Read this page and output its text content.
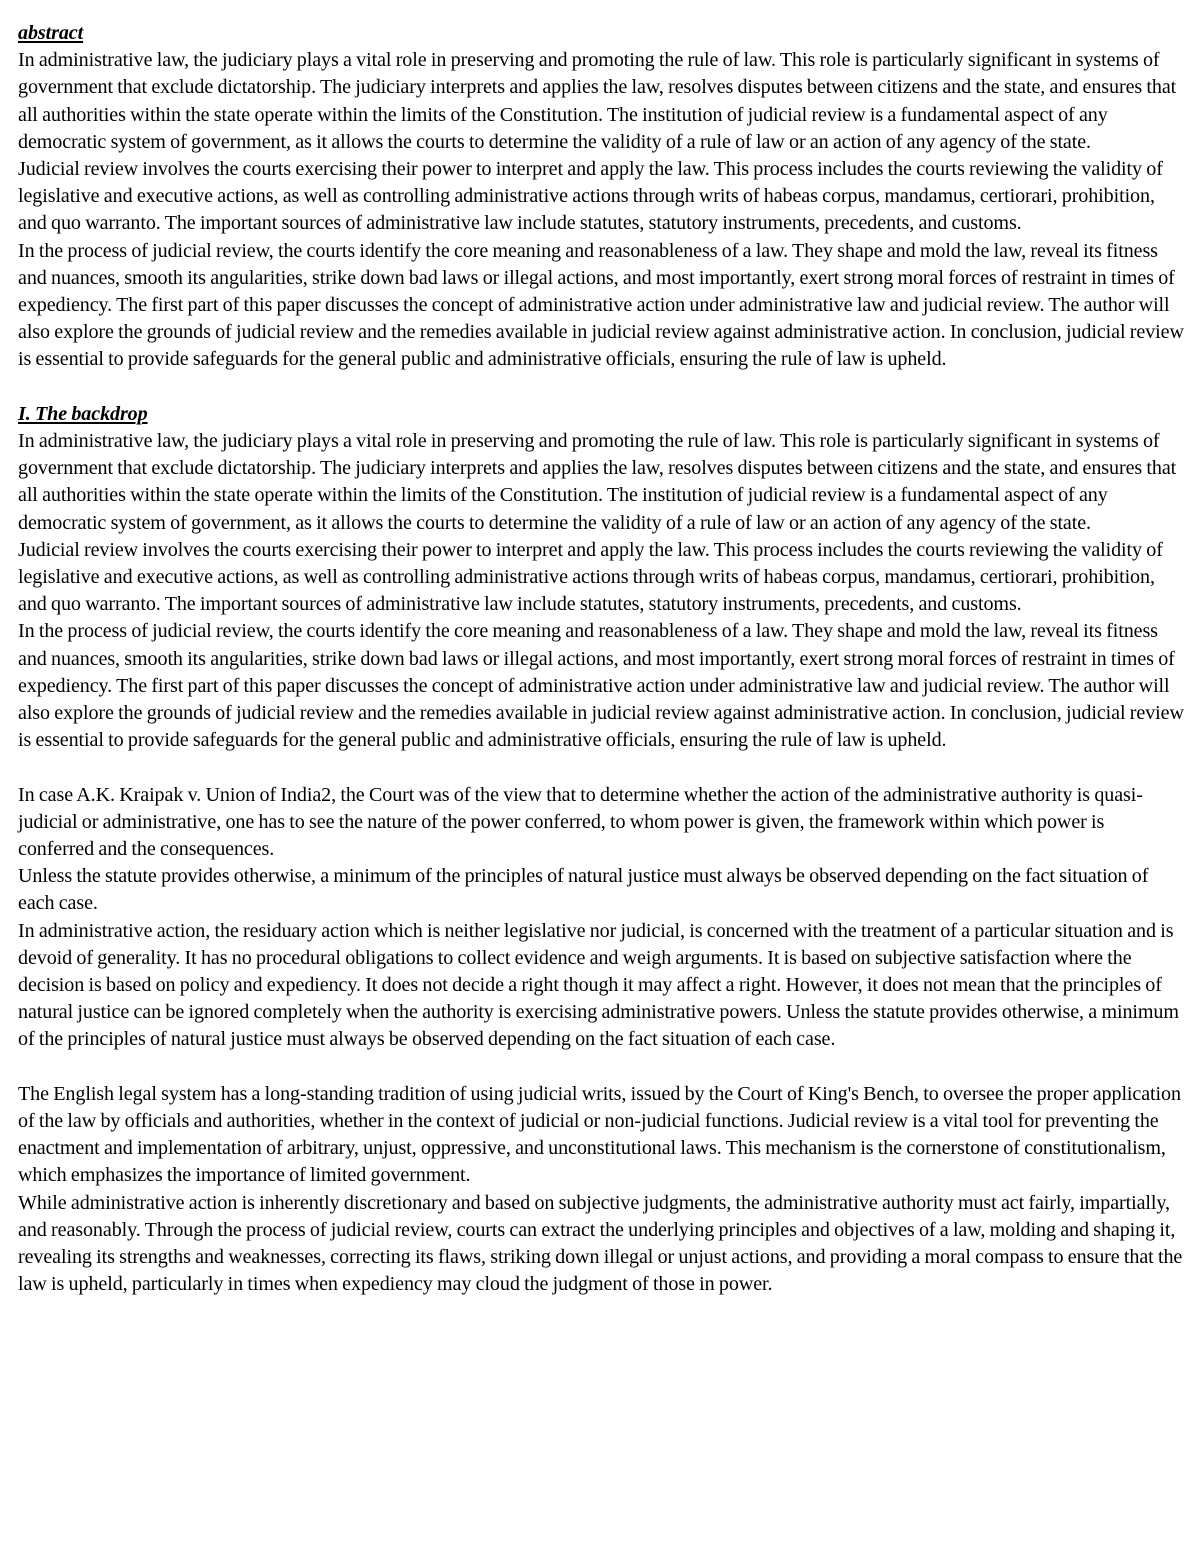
abstract

In administrative law, the judiciary plays a vital role in preserving and promoting the rule of law. This role is particularly significant in systems of government that exclude dictatorship. The judiciary interprets and applies the law, resolves disputes between citizens and the state, and ensures that all authorities within the state operate within the limits of the Constitution. The institution of judicial review is a fundamental aspect of any democratic system of government, as it allows the courts to determine the validity of a rule of law or an action of any agency of the state.

Judicial review involves the courts exercising their power to interpret and apply the law. This process includes the courts reviewing the validity of legislative and executive actions, as well as controlling administrative actions through writs of habeas corpus, mandamus, certiorari, prohibition, and quo warranto. The important sources of administrative law include statutes, statutory instruments, precedents, and customs.

In the process of judicial review, the courts identify the core meaning and reasonableness of a law. They shape and mold the law, reveal its fitness and nuances, smooth its angularities, strike down bad laws or illegal actions, and most importantly, exert strong moral forces of restraint in times of expediency. The first part of this paper discusses the concept of administrative action under administrative law and judicial review. The author will also explore the grounds of judicial review and the remedies available in judicial review against administrative action. In conclusion, judicial review is essential to provide safeguards for the general public and administrative officials, ensuring the rule of law is upheld.

I. The backdrop

In administrative law, the judiciary plays a vital role in preserving and promoting the rule of law. This role is particularly significant in systems of government that exclude dictatorship. The judiciary interprets and applies the law, resolves disputes between citizens and the state, and ensures that all authorities within the state operate within the limits of the Constitution. The institution of judicial review is a fundamental aspect of any democratic system of government, as it allows the courts to determine the validity of a rule of law or an action of any agency of the state.

Judicial review involves the courts exercising their power to interpret and apply the law. This process includes the courts reviewing the validity of legislative and executive actions, as well as controlling administrative actions through writs of habeas corpus, mandamus, certiorari, prohibition, and quo warranto. The important sources of administrative law include statutes, statutory instruments, precedents, and customs.

In the process of judicial review, the courts identify the core meaning and reasonableness of a law. They shape and mold the law, reveal its fitness and nuances, smooth its angularities, strike down bad laws or illegal actions, and most importantly, exert strong moral forces of restraint in times of expediency. The first part of this paper discusses the concept of administrative action under administrative law and judicial review. The author will also explore the grounds of judicial review and the remedies available in judicial review against administrative action. In conclusion, judicial review is essential to provide safeguards for the general public and administrative officials, ensuring the rule of law is upheld.

In case A.K. Kraipak v. Union of India2, the Court was of the view that to determine whether the action of the administrative authority is quasi-judicial or administrative, one has to see the nature of the power conferred, to whom power is given, the framework within which power is conferred and the consequences.

Unless the statute provides otherwise, a minimum of the principles of natural justice must always be observed depending on the fact situation of each case.

In administrative action, the residuary action which is neither legislative nor judicial, is concerned with the treatment of a particular situation and is devoid of generality. It has no procedural obligations to collect evidence and weigh arguments. It is based on subjective satisfaction where the decision is based on policy and expediency. It does not decide a right though it may affect a right. However, it does not mean that the principles of natural justice can be ignored completely when the authority is exercising administrative powers. Unless the statute provides otherwise, a minimum of the principles of natural justice must always be observed depending on the fact situation of each case.

The English legal system has a long-standing tradition of using judicial writs, issued by the Court of King's Bench, to oversee the proper application of the law by officials and authorities, whether in the context of judicial or non-judicial functions. Judicial review is a vital tool for preventing the enactment and implementation of arbitrary, unjust, oppressive, and unconstitutional laws. This mechanism is the cornerstone of constitutionalism, which emphasizes the importance of limited government.

While administrative action is inherently discretionary and based on subjective judgments, the administrative authority must act fairly, impartially, and reasonably. Through the process of judicial review, courts can extract the underlying principles and objectives of a law, molding and shaping it, revealing its strengths and weaknesses, correcting its flaws, striking down illegal or unjust actions, and providing a moral compass to ensure that the law is upheld, particularly in times when expediency may cloud the judgment of those in power.
